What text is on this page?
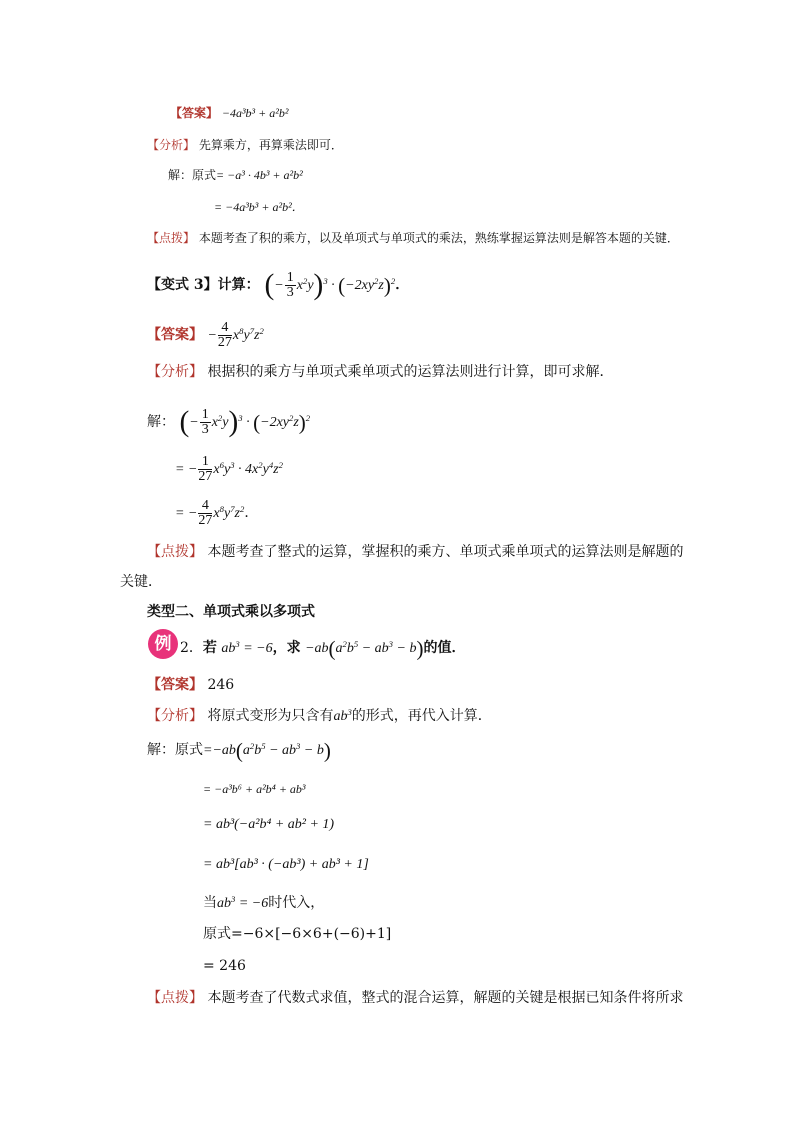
【答案】 −4a³b³ + a²b²
【分析】 先算乘方，再算乘法即可．
解：原式= −a³ · 4b³ + a²b²
= −4a³b³ + a²b²．
【点拨】 本题考查了积的乘方，以及单项式与单项式的乘法，熟练掌握运算法则是解答本题的关键．
【变式 3】计算： (− $\frac{1}{3} x^2y)^3 \cdot (-2xy^2z)^2$．
【答案】 − $\frac{4}{27} x^8y^7z^2$
【分析】 根据积的乘方与单项式乘单项式的运算法则进行计算，即可求解．
解： (− $\frac{1}{3} x^2y)^3 \cdot (-2xy^2z)^2$
= − $\frac{1}{27} x^6y^3 \cdot 4x^2y^4z^2$
= − $\frac{4}{27} x^8y^7z^2$．
【点拨】 本题考查了整式的运算，掌握积的乘方、单项式乘单项式的运算法则是解题的
关键．
类型二、单项式乘以多项式
例 2．若 $ab^3 = -6$，求 $-ab(a^2b^5 - ab^3 - b)$的值．
【答案】 246
【分析】 将原式变形为只含有$ab^3$的形式，再代入计算．
解：原式$=-ab(a^2b^5 - ab^3 - b)$
= −a³b⁶ + a²b⁴ + ab³
= ab³(−a²b⁴ + ab² + 1)
= ab³[ab³ · (−ab³) + ab³ + 1]
当$ab^3 = -6$时代入，
原式=−6×[−6×6+(−6)+1]
= 246
【点拨】 本题考查了代数式求值，整式的混合运算，解题的关键是根据已知条件将所求
